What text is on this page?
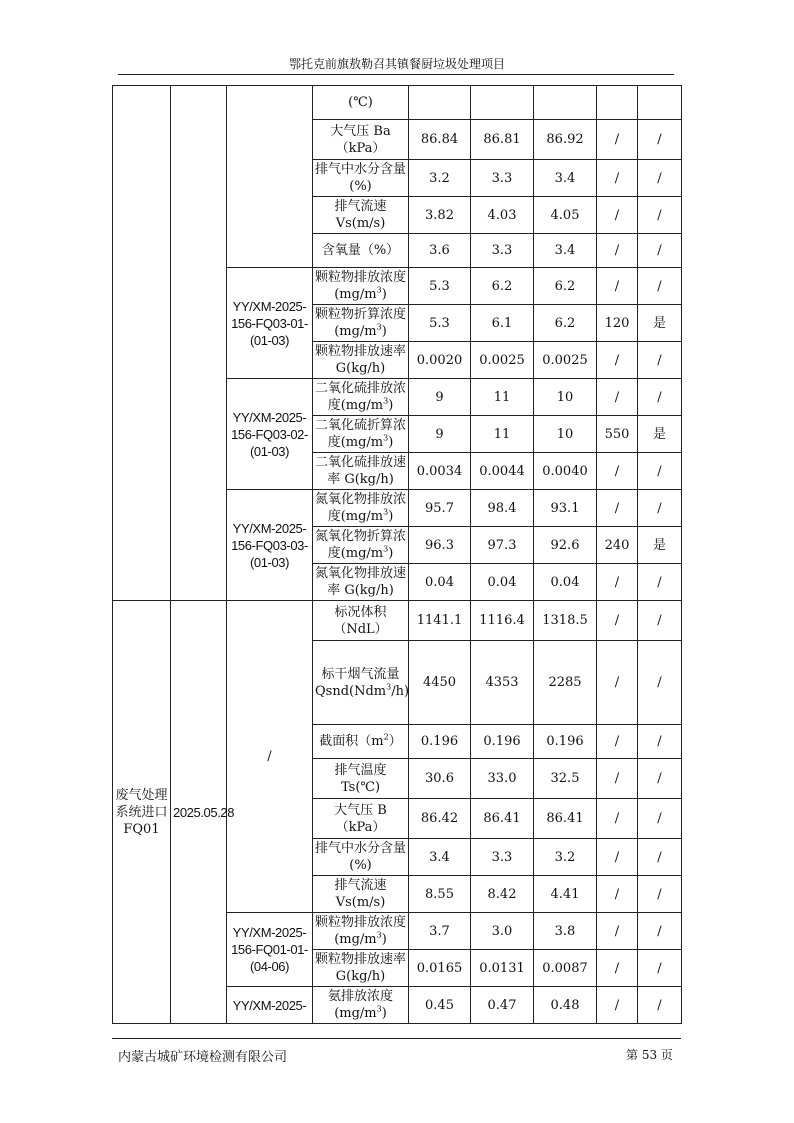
鄂托克前旗敖勒召其镇餐厨垃圾处理项目
			(℃)					
			大气压 Ba（kPa）	86.84	86.81	86.92	/	/
			排气中水分含量(%)	3.2	3.3	3.4	/	/
			排气流速Vs(m/s)	3.82	4.03	4.05	/	/
			含氧量（%）	3.6	3.3	3.4	/	/
		YY/XM-2025-156-FQ03-01-(01-03)	颗粒物排放浓度$(mg/m^3)$	5.3	6.2	6.2	/	/
			颗粒物折算浓度$(mg/m^3)$	5.3	6.1	6.2	120	是
			颗粒物排放速率 G(kg/h)	0.0020	0.0025	0.0025	/	/
		YY/XM-2025-156-FQ03-02-(01-03)	二氧化硫排放浓度$(mg/m^3)$	9	11	10	/	/
			二氧化硫折算浓度$(mg/m^3)$	9	11	10	550	是
			二氧化硫排放速率 G(kg/h)	0.0034	0.0044	0.0040	/	/
		YY/XM-2025-156-FQ03-03-(01-03)	氮氧化物排放浓度$(mg/m^3)$	95.7	98.4	93.1	/	/
			氮氧化物折算浓度$(mg/m^3)$	96.3	97.3	92.6	240	是
			氮氧化物排放速率 G(kg/h)	0.04	0.04	0.04	/	/
废气处理系统进口FQ01	2025.05.28	/	标况体积（NdL）	1141.1	1116.4	1318.5	/	/
			标干烟气流量Qsnd(Ndm$^3$/h)	4450	4353	2285	/	/
			截面积$(m^2)$	0.196	0.196	0.196	/	/
			排气温度 Ts(℃)	30.6	33.0	32.5	/	/
			大气压 B（kPa）	86.42	86.41	86.41	/	/
			排气中水分含量(%)	3.4	3.3	3.2	/	/
			排气流速Vs(m/s)	8.55	8.42	4.41	/	/
		YY/XM-2025-156-FQ01-01-(04-06)	颗粒物排放浓度$(mg/m^3)$	3.7	3.0	3.8	/	/
			颗粒物排放速率 G(kg/h)	0.0165	0.0131	0.0087	/	/
		YY/XM-2025-	氨排放浓度$(mg/m^3)$	0.45	0.47	0.48	/	/
内蒙古城矿环境检测有限公司	第 53 页
